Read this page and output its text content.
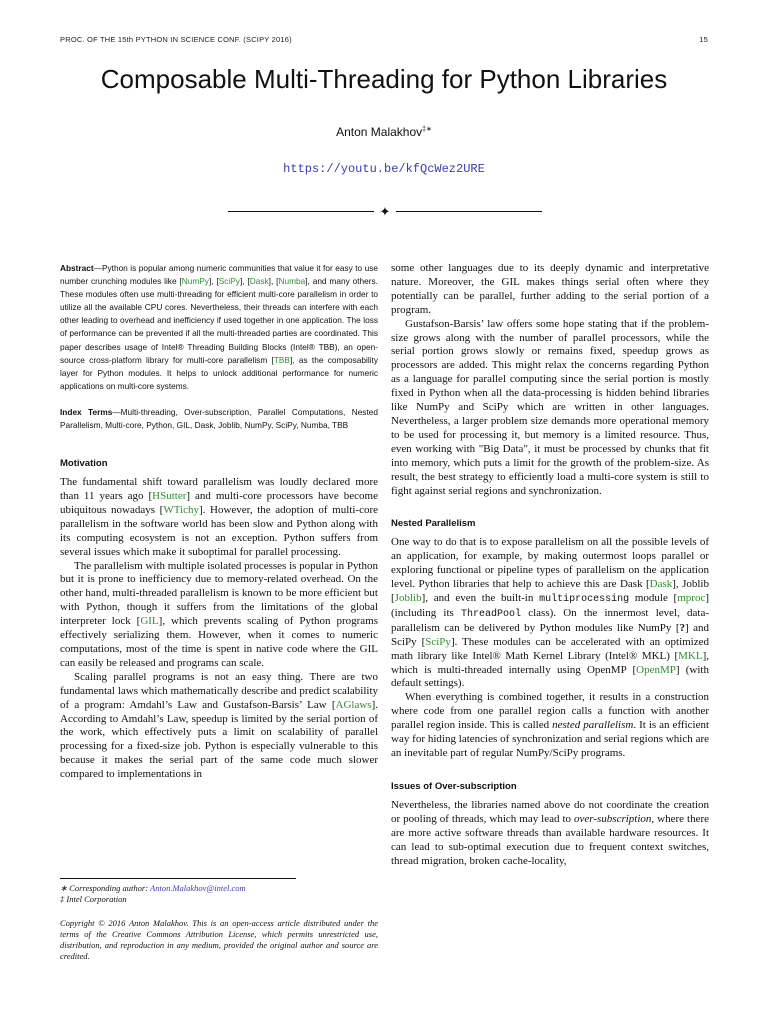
PROC. OF THE 15th PYTHON IN SCIENCE CONF. (SCIPY 2016)	15
Composable Multi-Threading for Python Libraries
Anton Malakhov‡∗
https://youtu.be/kfQcWez2URE
✦

Abstract—Python is popular among numeric communities that value it for easy to use number crunching modules like [NumPy], [SciPy], [Dask], [Numba], and many others. These modules often use multi-threading for efficient multi-core parallelism in order to utilize all the available CPU cores. Nevertheless, their threads can interfere with each other leading to overhead and inefficiency if used together in one application. The loss of performance can be prevented if all the multi-threaded parties are coordinated. This paper describes usage of Intel® Threading Building Blocks (Intel® TBB), an open-source cross-platform library for multi-core parallelism [TBB], as the composability layer for Python modules. It helps to unlock additional performance for numeric applications on multi-core systems.

Index Terms—Multi-threading, Over-subscription, Parallel Computations, Nested Parallelism, Multi-core, Python, GIL, Dask, Joblib, NumPy, SciPy, Numba, TBB

Motivation

The fundamental shift toward parallelism was loudly declared more than 11 years ago [HSutter] and multi-core processors have become ubiquitous nowadays [WTichy]. However, the adoption of multi-core parallelism in the software world has been slow and Python along with its computing ecosystem is not an exception. Python suffers from several issues which make it suboptimal for parallel processing.

The parallelism with multiple isolated processes is popular in Python but it is prone to inefficiency due to memory-related overhead. On the other hand, multi-threaded parallelism is known to be more efficient but with Python, though it suffers from the limitations of the global interpreter lock [GIL], which prevents scaling of Python programs effectively serializing them. However, when it comes to numeric computations, most of the time is spent in native code where the GIL can easily be released and programs can scale.

Scaling parallel programs is not an easy thing. There are two fundamental laws which mathematically describe and predict scalability of a program: Amdahl’s Law and Gustafson-Barsis’ Law [AGlaws]. According to Amdahl’s Law, speedup is limited by the serial portion of the work, which effectively puts a limit on scalability of parallel processing for a fixed-size job. Python is especially vulnerable to this because it makes the serial part of the same code much slower compared to implementations in

∗ Corresponding author: Anton.Malakhov@intel.com
‡ Intel Corporation
Copyright © 2016 Anton Malakhov. This is an open-access article distributed under the terms of the Creative Commons Attribution License, which permits unrestricted use, distribution, and reproduction in any medium, provided the original author and source are credited.

some other languages due to its deeply dynamic and interpretative nature. Moreover, the GIL makes things serial often where they potentially can be parallel, further adding to the serial portion of a program.

Gustafson-Barsis’ law offers some hope stating that if the problem-size grows along with the number of parallel processors, while the serial portion grows slowly or remains fixed, speedup grows as processors are added. This might relax the concerns regarding Python as a language for parallel computing since the serial portion is mostly fixed in Python when all the data-processing is hidden behind libraries like NumPy and SciPy which are written in other languages. Nevertheless, a larger problem size demands more operational memory to be used for processing it, but memory is a limited resource. Thus, even working with "Big Data", it must be processed by chunks that fit into memory, which puts a limit for the growth of the problem-size. As result, the best strategy to efficiently load a multi-core system is still to fight against serial regions and synchronization.

Nested Parallelism

One way to do that is to expose parallelism on all the possible levels of an application, for example, by making outermost loops parallel or exploring functional or pipeline types of parallelism on the application level. Python libraries that help to achieve this are Dask [Dask], Joblib [Joblib], and even the built-in multiprocessing module [mproc] (including its ThreadPool class). On the innermost level, data-parallelism can be delivered by Python modules like NumPy [?] and SciPy [SciPy]. These modules can be accelerated with an optimized math library like Intel® Math Kernel Library (Intel® MKL) [MKL], which is multi-threaded internally using OpenMP [OpenMP] (with default settings).

When everything is combined together, it results in a construction where code from one parallel region calls a function with another parallel region inside. This is called nested parallelism. It is an efficient way for hiding latencies of synchronization and serial regions which are an inevitable part of regular NumPy/SciPy programs.

Issues of Over-subscription

Nevertheless, the libraries named above do not coordinate the creation or pooling of threads, which may lead to over-subscription, where there are more active software threads than available hardware resources. It can lead to sub-optimal execution due to frequent context switches, thread migration, broken cache-locality,
